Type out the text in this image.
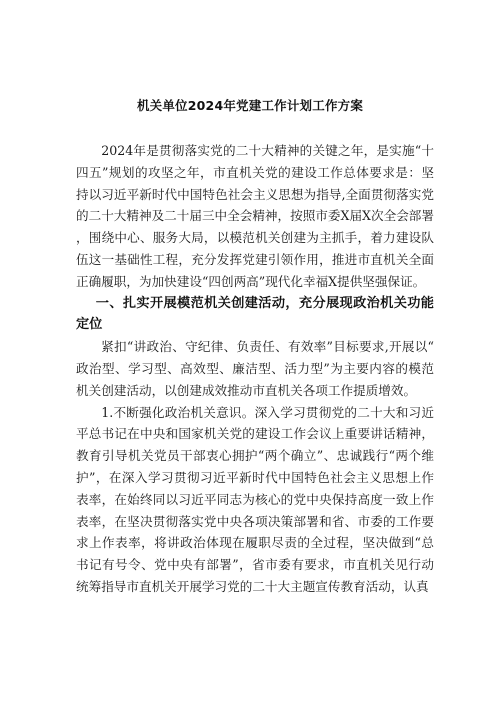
机关单位2024年党建工作计划工作方案

2024年是贯彻落实党的二十大精神的关键之年，是实施“十四五”规划的攻坚之年，市直机关党的建设工作总体要求是：坚持以习近平新时代中国特色社会主义思想为指导,全面贯彻落实党的二十大精神及二十届三中全会精神，按照市委X届X次全会部署，围绕中心、服务大局，以模范机关创建为主抓手，着力建设队伍这一基础性工程，充分发挥党建引领作用，推进市直机关全面正确履职，为加快建设“四创两高”现代化幸福X提供坚强保证。

一、扎实开展模范机关创建活动，充分展现政治机关功能定位

紧扣“讲政治、守纪律、负责任、有效率”目标要求,开展以“政治型、学习型、高效型、廉洁型、活力型”为主要内容的模范机关创建活动，以创建成效推动市直机关各项工作提质增效。

1.不断强化政治机关意识。深入学习贯彻党的二十大和习近平总书记在中央和国家机关党的建设工作会议上重要讲话精神，教育引导机关党员干部衷心拥护“两个确立”、忠诚践行“两个维护”，在深入学习贯彻习近平新时代中国特色社会主义思想上作表率，在始终同以习近平同志为核心的党中央保持高度一致上作表率，在坚决贯彻落实党中央各项决策部署和省、市委的工作要求上作表率，将讲政治体现在履职尽责的全过程，坚决做到“总书记有号令、党中央有部署”，省市委有要求，市直机关见行动统筹指导市直机关开展学习党的二十大主题宣传教育活动，认真
